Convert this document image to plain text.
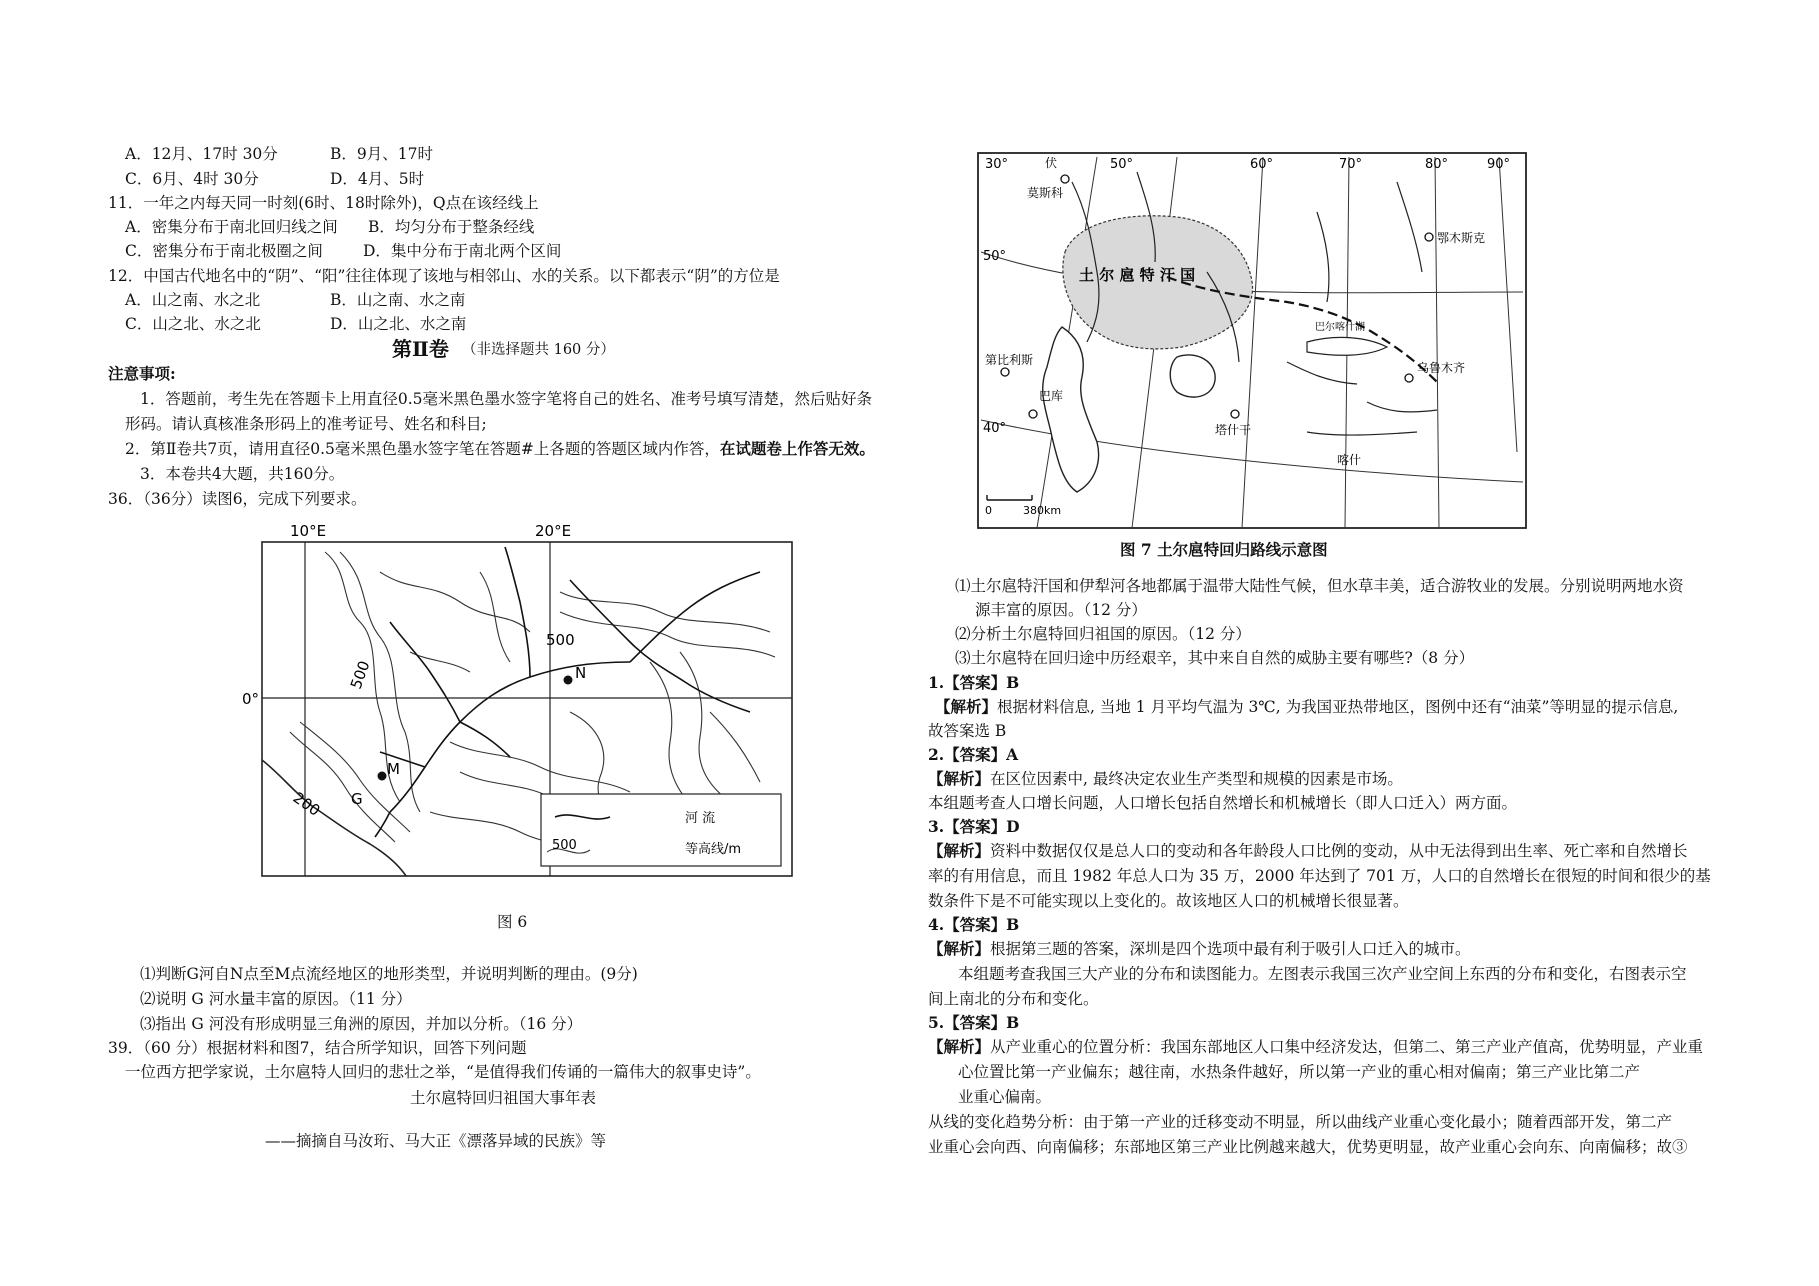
A．12月、17时 30分	B．9月、17时
C．6月、4时 30分	D．4月、5时
11．一年之内每天同一时刻(6时、18时除外)，Q点在该经线上
A．密集分布于南北回归线之间 B．均匀分布于整条经线
C．密集分布于南北极圈之间	D．集中分布于南北两个区间
12．中国古代地名中的“阴”、“阳”往往体现了该地与相邻山、水的关系。以下都表示“阴”的方位是
A．山之南、水之北	B．山之南、水之南
C．山之北、水之北	D．山之北、水之南
第Ⅱ卷 （非选择题共 160 分）
注意事项:
1．答题前，考生先在答题卡上用直径0.5毫米黑色墨水签字笔将自己的姓名、准考号填写清楚，然后贴好条
形码。请认真核准条形码上的准考证号、姓名和科目;
2．第Ⅱ卷共7页，请用直径0.5毫米黑色墨水签字笔在答题#上各题的答题区域内作答，在试题卷上作答无效。
3．本卷共4大题，共160分。
36．（36分）读图6，完成下列要求。
10°E	20°E
0°
500
500
200
N
M
G
河 流
500	等高线/m
图 6
⑴判断G河自N点至M点流经地区的地形类型，并说明判断的理由。(9分)
⑵说明 G 河水量丰富的原因。（11 分）
⑶指出 G 河没有形成明显三角洲的原因，并加以分析。（16 分）
39．（60 分）根据材料和图7，结合所学知识，回答下列问题
一位西方把学家说，土尔扈特人回归的悲壮之举，“是值得我们传诵的一篇伟大的叙事史诗”。
土尔扈特回归祖国大事年表
——摘摘自马汝珩、马大正《漂落异域的民族》等
30°	50°	60°	70°	80°	90°
50°
40°
土 尔 扈 特 汗 国
伏
莫斯科
鄂木斯克
第比利斯
巴库
塔什干
乌鲁木齐
巴尔喀什湖
喀什
0	380km
图 7 土尔扈特回归路线示意图
⑴土尔扈特汗国和伊犁河各地都属于温带大陆性气候，但水草丰美，适合游牧业的发展。分别说明两地水资
源丰富的原因。（12 分）
⑵分析土尔扈特回归祖国的原因。（12 分）
⑶土尔扈特在回归途中历经艰辛，其中来自自然的威胁主要有哪些?（8 分）
1.【答案】B
【解析】根据材料信息, 当地 1 月平均气温为 3℃, 为我国亚热带地区，图例中还有“油菜”等明显的提示信息,
故答案选 B
2.【答案】A
【解析】在区位因素中, 最终决定农业生产类型和规模的因素是市场。
本组题考查人口增长问题，人口增长包括自然增长和机械增长（即人口迁入）两方面。
3.【答案】D
【解析】资料中数据仅仅是总人口的变动和各年龄段人口比例的变动，从中无法得到出生率、死亡率和自然增长
率的有用信息，而且 1982 年总人口为 35 万，2000 年达到了 701 万，人口的自然增长在很短的时间和很少的基
数条件下是不可能实现以上变化的。故该地区人口的机械增长很显著。
4.【答案】B
【解析】根据第三题的答案，深圳是四个选项中最有利于吸引人口迁入的城市。
本组题考查我国三大产业的分布和读图能力。左图表示我国三次产业空间上东西的分布和变化，右图表示空
间上南北的分布和变化。
5.【答案】B
【解析】从产业重心的位置分析：我国东部地区人口集中经济发达，但第二、第三产业产值高，优势明显，产业重
心位置比第一产业偏东；越往南，水热条件越好，所以第一产业的重心相对偏南；第三产业比第二产
业重心偏南。
从线的变化趋势分析：由于第一产业的迁移变动不明显，所以曲线产业重心变化最小；随着西部开发，第二产
业重心会向西、向南偏移；东部地区第三产业比例越来越大，优势更明显，故产业重心会向东、向南偏移；故③
